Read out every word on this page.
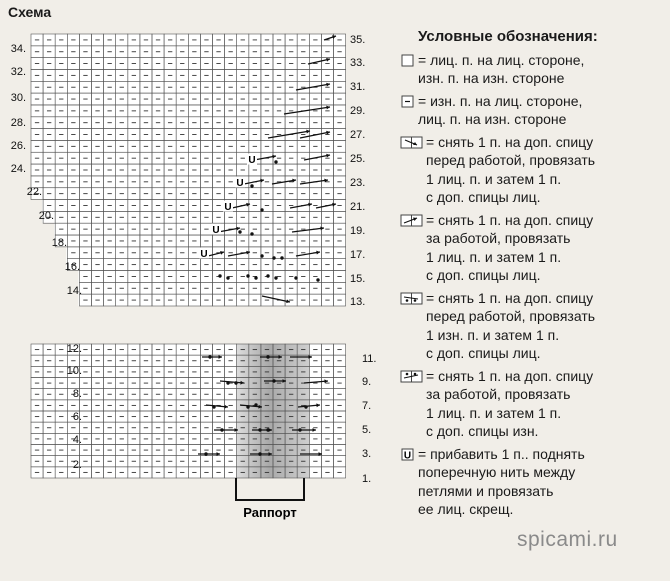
Схема
34.
32.
30.
28.
26.
24.
22.
20.
18.
16.
14.
35.
33.
31.
29.
27.
25.
23.
21.
19.
17.
15.
13.
12.
10.
8.
6.
4.
2.
11.
9.
7.
5.
3.
1.
U
U
U
U
U
Раппорт
Условные обозначения:
= лиц. п. на лиц. стороне,
изн. п. на изн. стороне
= изн. п. на лиц. стороне,
лиц. п. на изн. стороне
= снять 1 п. на доп. спицу
перед работой, провязать
1 лиц. п. и затем 1 п.
с доп. спицы лиц.
= снять 1 п. на доп. спицу
за работой, провязать
1 лиц. п. и затем 1 п.
с доп. спицы лиц.
= снять 1 п. на доп. спицу
перед работой, провязать
1 изн. п. и затем 1 п.
с доп. спицы лиц.
= снять 1 п. на доп. спицу
за работой, провязать
1 лиц. п. и затем 1 п.
с доп. спицы изн.
U = прибавить 1 п.. поднять
поперечную нить между
петлями и провязать
ее лиц. скрещ.
spicami.ru
